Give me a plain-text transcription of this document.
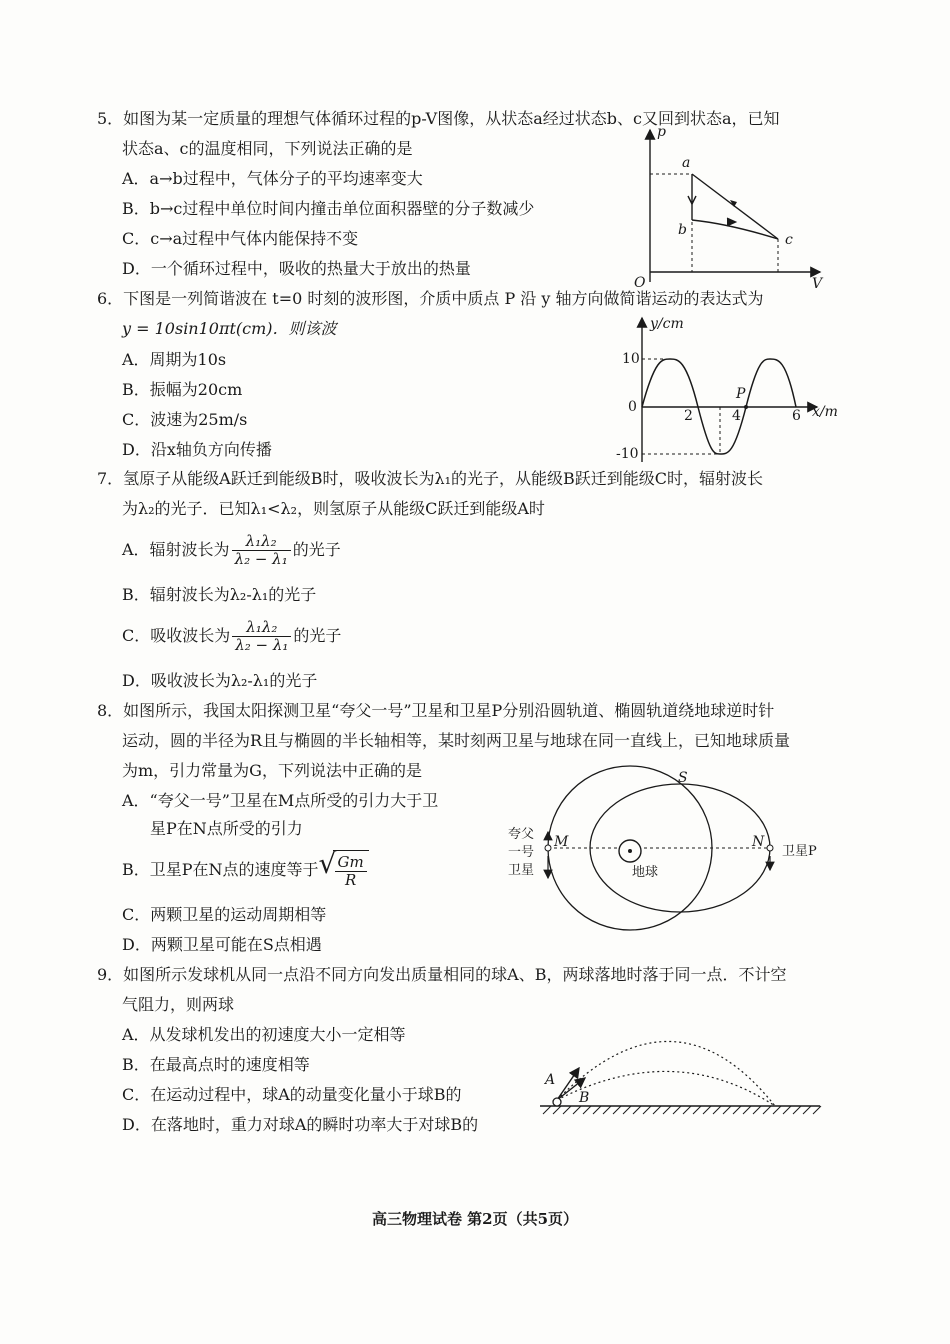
5．如图为某一定质量的理想气体循环过程的p-V图像，从状态a经过状态b、c又回到状态a，已知
状态a、c的温度相同，下列说法正确的是
A．a→b过程中，气体分子的平均速率变大
B．b→c过程中单位时间内撞击单位面积器壁的分子数减少
C．c→a过程中气体内能保持不变
D．一个循环过程中，吸收的热量大于放出的热量
p
V
O
a
b
c
6．下图是一列简谐波在 t=0 时刻的波形图，介质中质点 P 沿 y 轴方向做简谐运动的表达式为
y = 10sin10πt(cm)．则该波
A．周期为10s
B．振幅为20cm
C．波速为25m/s
D．沿x轴负方向传播
y/cm
x/m
10
0
-10
2	4	6
P
7．氢原子从能级A跃迁到能级B时，吸收波长为λ₁的光子，从能级B跃迁到能级C时，辐射波长
为λ₂的光子．已知λ₁<λ₂，则氢原子从能级C跃迁到能级A时
A．辐射波长为 $\frac{\text{λ₁λ₂}}{\text{λ₂ − λ₁}}$ 的光子
B．辐射波长为λ₂-λ₁的光子
C．吸收波长为 $\frac{\text{λ₁λ₂}}{\text{λ₂ − λ₁}}$ 的光子
D．吸收波长为λ₂-λ₁的光子
8．如图所示，我国太阳探测卫星“夸父一号”卫星和卫星P分别沿圆轨道、椭圆轨道绕地球逆时针
运动，圆的半径为R且与椭圆的半长轴相等，某时刻两卫星与地球在同一直线上，已知地球质量
为m，引力常量为G，下列说法中正确的是
A．“夸父一号”卫星在M点所受的引力大于卫
星P在N点所受的引力
B．卫星P在N点的速度等于 √
$\frac{Gm}{R}$
C．两颗卫星的运动周期相等
D．两颗卫星可能在S点相遇
S
M	N
地球
卫星P
夸父
一号
卫星
9．如图所示发球机从同一点沿不同方向发出质量相同的球A、B，两球落地时落于同一点．不计空
气阻力，则两球
A．从发球机发出的初速度大小一定相等
B．在最高点时的速度相等
C．在运动过程中，球A的动量变化量小于球B的
D．在落地时，重力对球A的瞬时功率大于对球B的
A
B
高三物理试卷 第2页（共5页）
